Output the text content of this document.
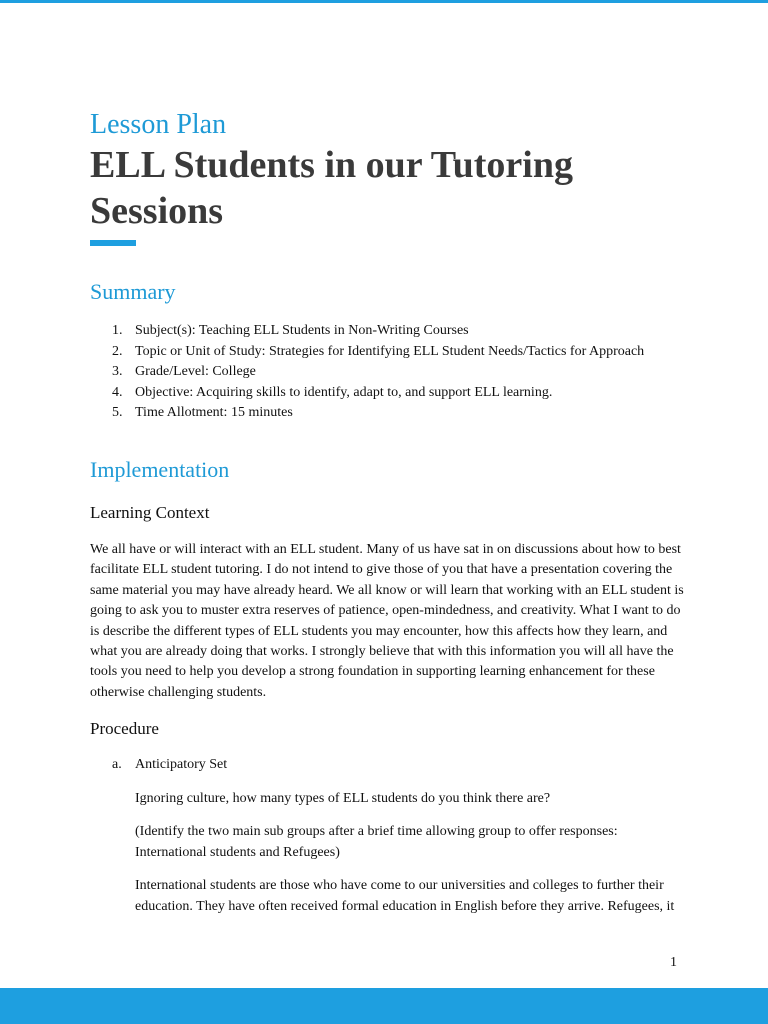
Lesson Plan
ELL Students in our Tutoring Sessions
Summary
1. Subject(s): Teaching ELL Students in Non-Writing Courses
2. Topic or Unit of Study: Strategies for Identifying ELL Student Needs/Tactics for Approach
3. Grade/Level: College
4. Objective: Acquiring skills to identify, adapt to, and support ELL learning.
5. Time Allotment: 15 minutes
Implementation
Learning Context

We all have or will interact with an ELL student. Many of us have sat in on discussions about how to best facilitate ELL student tutoring. I do not intend to give those of you that have a presentation covering the same material you may have already heard. We all know or will learn that working with an ELL student is going to ask you to muster extra reserves of patience, open-mindedness, and creativity. What I want to do is describe the different types of ELL students you may encounter, how this affects how they learn, and what you are already doing that works. I strongly believe that with this information you will all have the tools you need to help you develop a strong foundation in supporting learning enhancement for these otherwise challenging students.

Procedure
a. Anticipatory Set

Ignoring culture, how many types of ELL students do you think there are?

(Identify the two main sub groups after a brief time allowing group to offer responses: International students and Refugees)

International students are those who have come to our universities and colleges to further their education. They have often received formal education in English before they arrive. Refugees, it

1
